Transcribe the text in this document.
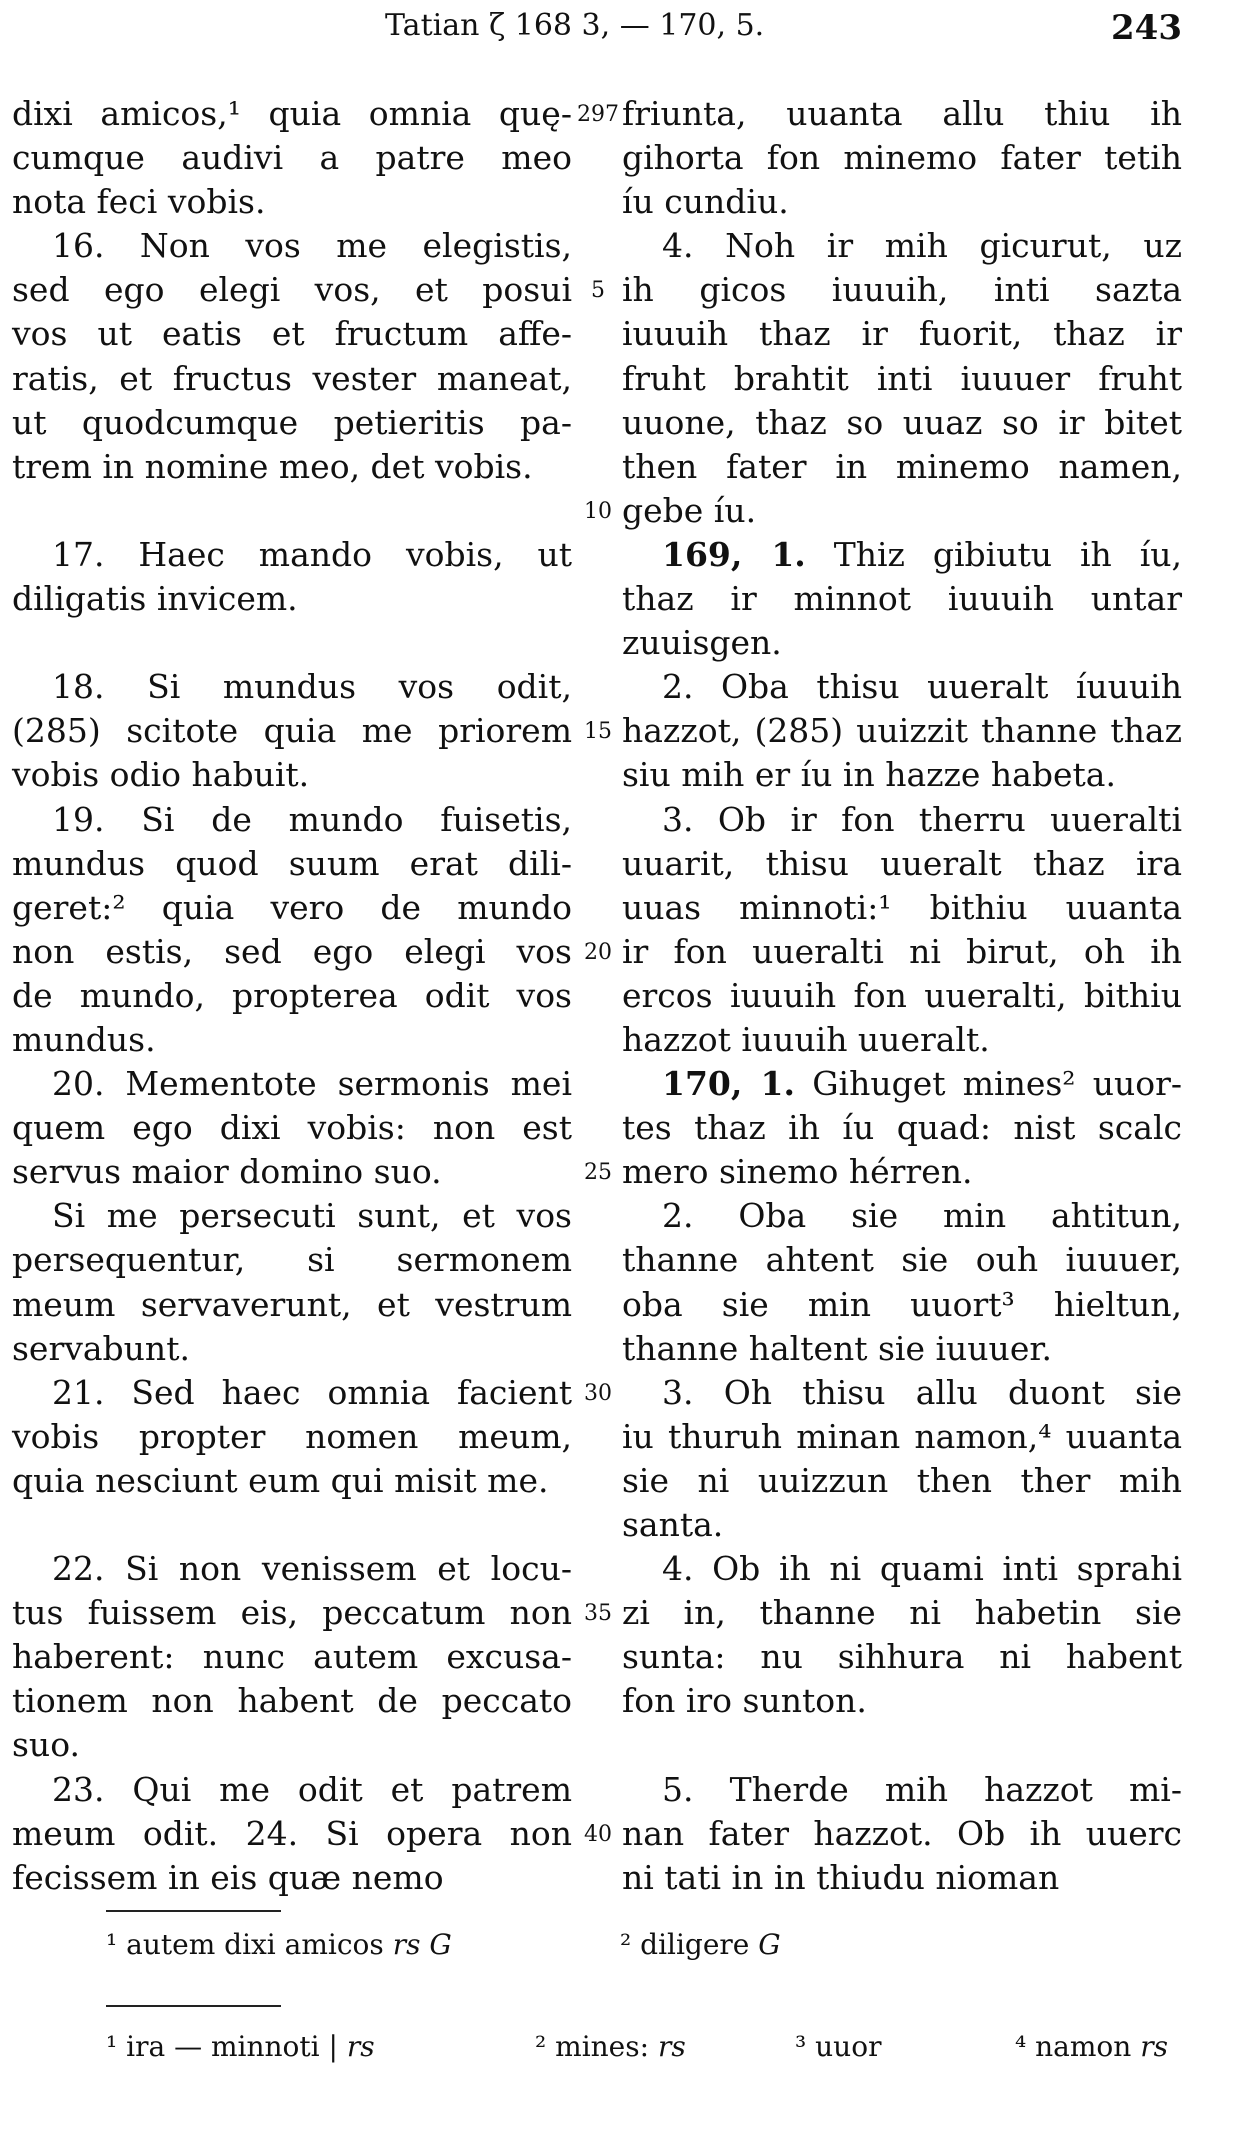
Tatian ζ 168 3, — 170, 5.	243
dixi amicos,¹ quia omnia quę-
cumque audivi a patre meo
nota feci vobis.
16. Non vos me elegistis,
sed ego elegi vos, et posui
vos ut eatis et fructum affe-
ratis, et fructus vester maneat,
ut quodcumque petieritis pa-
trem in nomine meo, det vobis.
17. Haec mando vobis, ut
diligatis invicem.
18. Si mundus vos odit,
(285) scitote quia me priorem
vobis odio habuit.
19. Si de mundo fuisetis,
mundus quod suum erat dili-
geret:² quia vero de mundo
non estis, sed ego elegi vos
de mundo, propterea odit vos
mundus.
20. Mementote sermonis mei
quem ego dixi vobis: non est
servus maior domino suo.
Si me persecuti sunt, et vos
persequentur, si sermonem
meum servaverunt, et vestrum
servabunt.
21. Sed haec omnia facient
vobis propter nomen meum,
quia nesciunt eum qui misit me.
22. Si non venissem et locu-
tus fuissem eis, peccatum non
haberent: nunc autem excusa-
tionem non habent de peccato
suo.
23. Qui me odit et patrem
meum odit. 24. Si opera non
fecissem in eis quæ nemo
friunta, uuanta allu thiu ih
gihorta fon minemo fater tetih
íu cundiu.
4. Noh ir mih gicurut, uz
ih gicos iuuuih, inti sazta
iuuuih thaz ir fuorit, thaz ir
fruht brahtit inti iuuuer fruht
uuone, thaz so uuaz so ir bitet
then fater in minemo namen,
gebe íu.
169, 1. Thiz gibiutu ih íu,
thaz ir minnot iuuuih untar
zuuisgen.
2. Oba thisu uueralt íuuuih
hazzot, (285) uuizzit thanne thaz
siu mih er íu in hazze habeta.
3. Ob ir fon therru uueralti
uuarit, thisu uueralt thaz ira
uuas minnoti:¹ bithiu uuanta
ir fon uueralti ni birut, oh ih
ercos iuuuih fon uueralti, bithiu
hazzot iuuuih uueralt.
170, 1. Gihuget mines² uuor-
tes thaz ih íu quad: nist scalc
mero sinemo hérren.
2. Oba sie min ahtitun,
thanne ahtent sie ouh iuuuer,
oba sie min uuort³ hieltun,
thanne haltent sie iuuuer.
3. Oh thisu allu duont sie
iu thuruh minan namon,⁴ uuanta
sie ni uuizzun then ther mih
santa.
4. Ob ih ni quami inti sprahi
zi in, thanne ni habetin sie
sunta: nu sihhura ni habent
fon iro sunton.
5. Therde mih hazzot mi-
nan fater hazzot. Ob ih uuerc
ni tati in in thiudu nioman
297
5
10
15
20
25
30
35
40
¹ autem dixi amicos rs G	² diligere G
¹ ira — minnoti | rs	² mines: rs	³ uuor	⁴ namon rs
